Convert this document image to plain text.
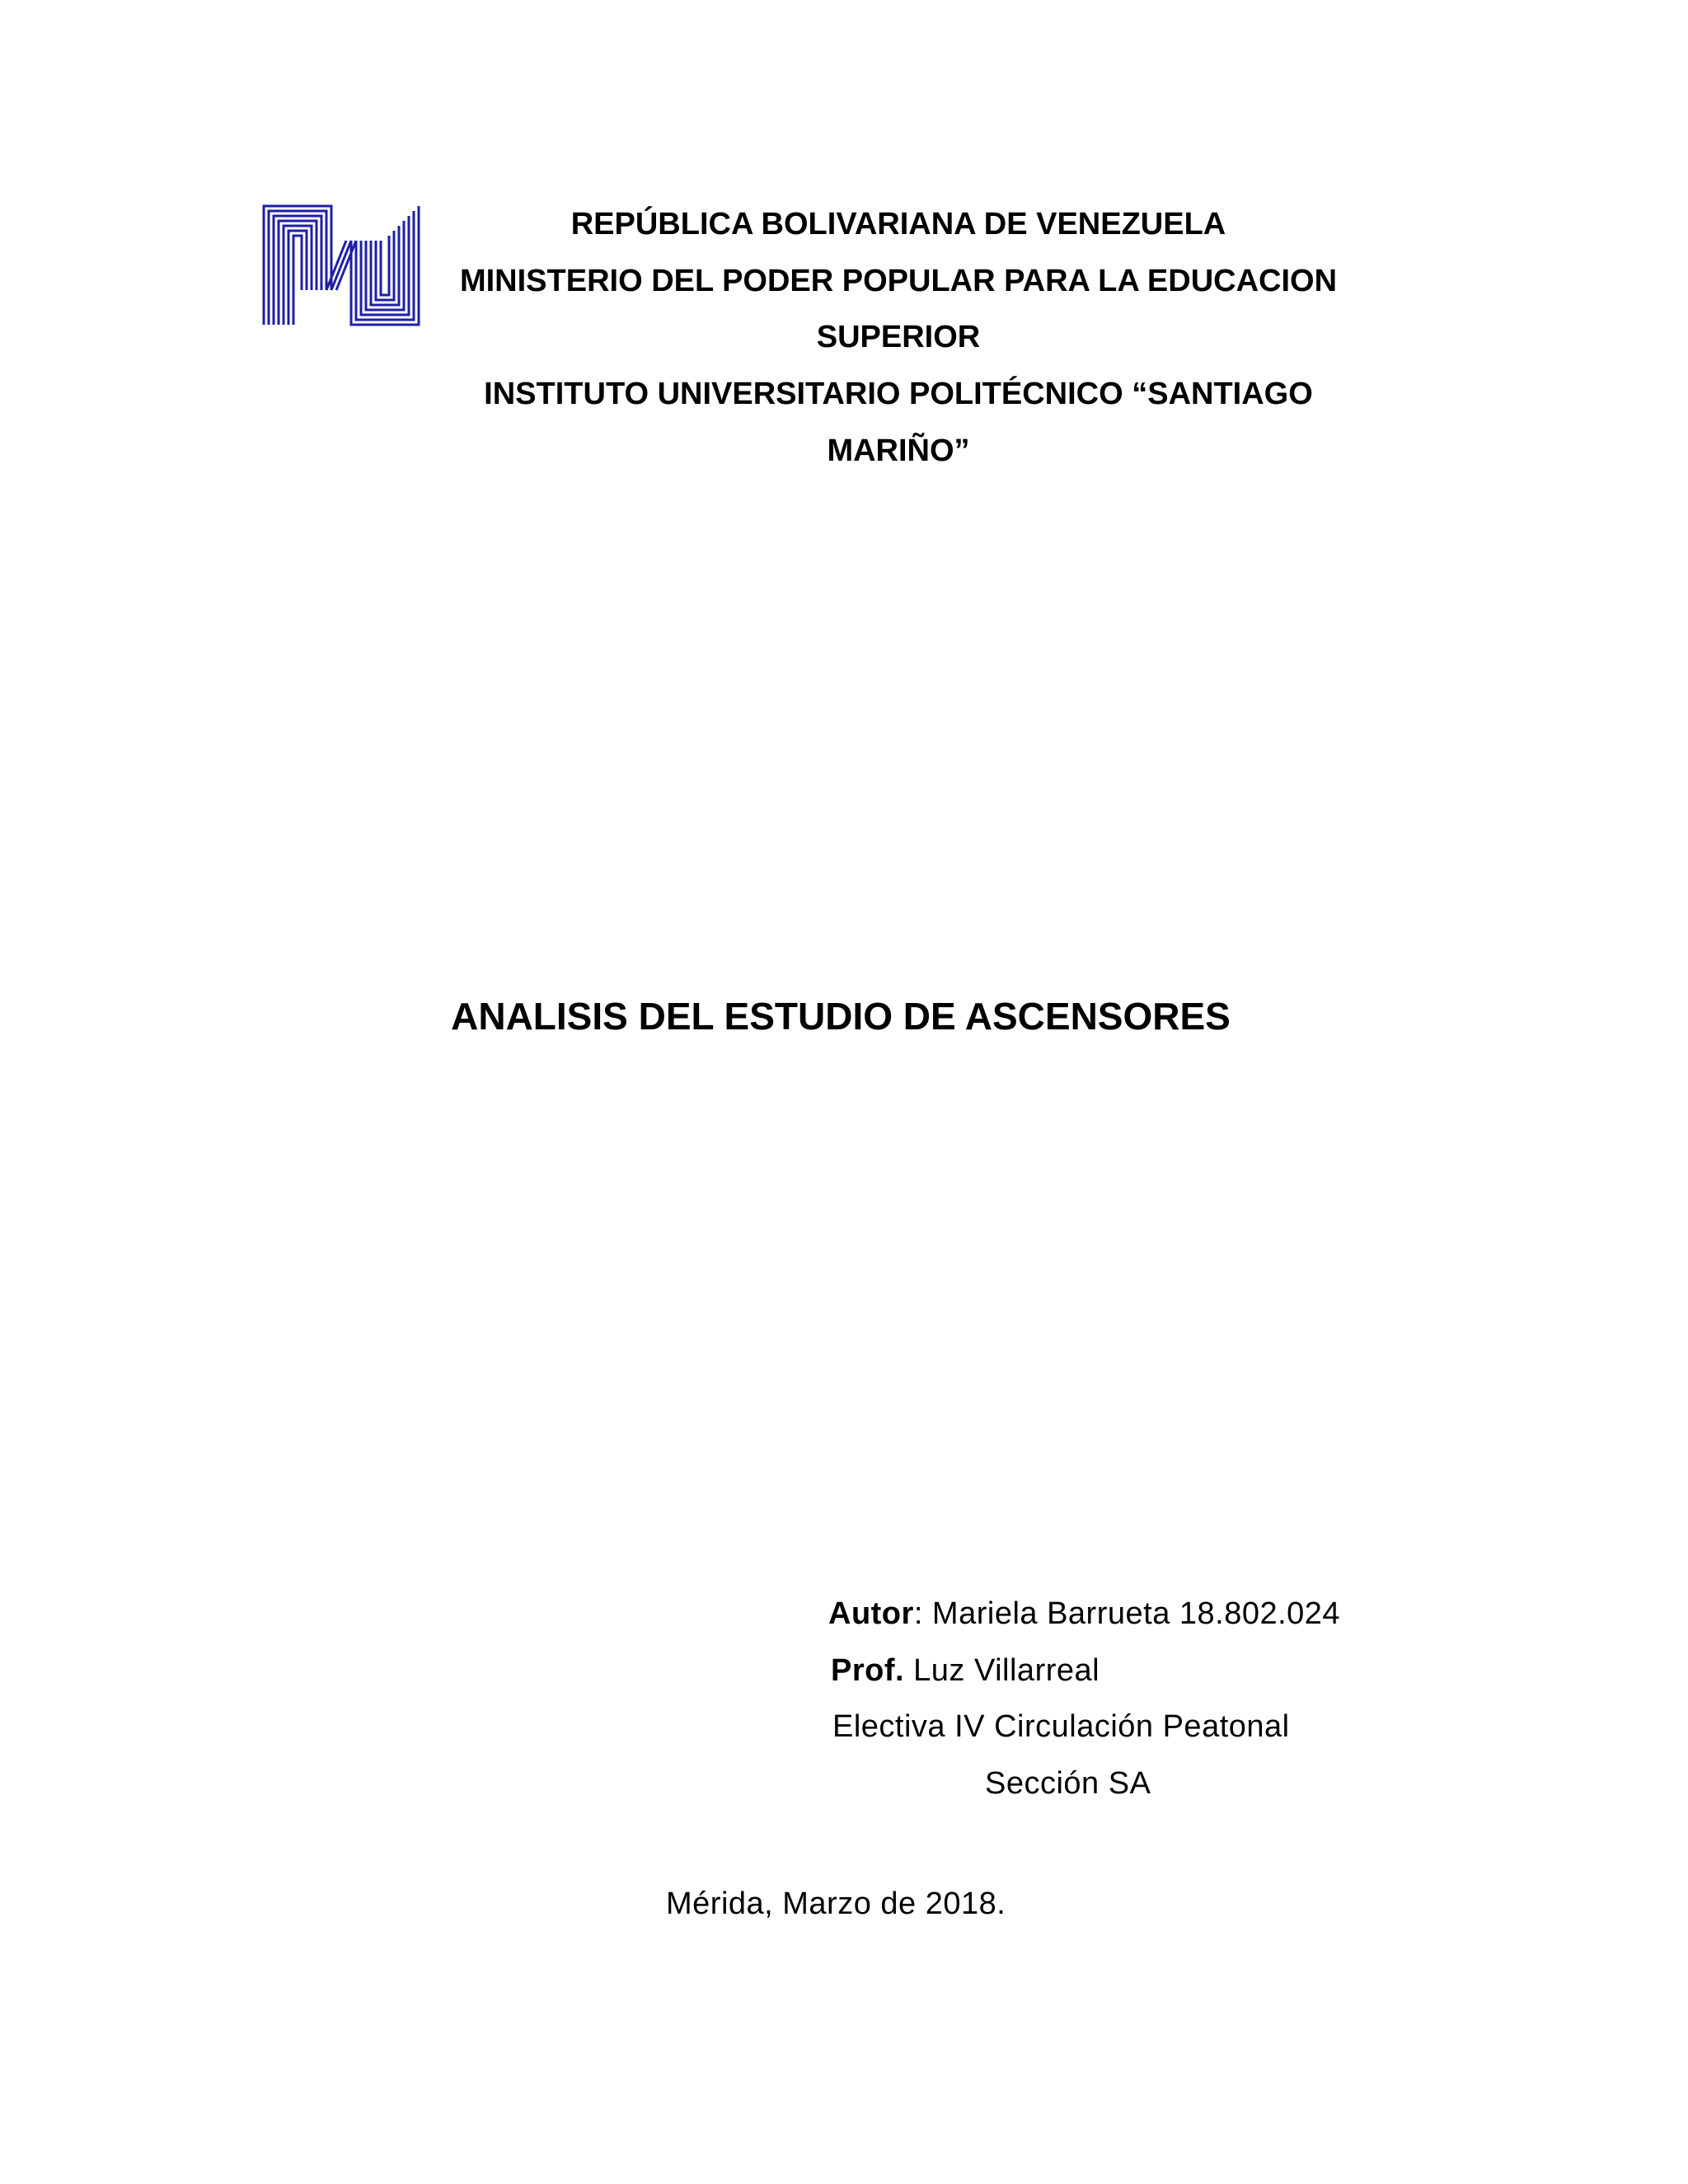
REPÚBLICA BOLIVARIANA DE VENEZUELA
MINISTERIO DEL PODER POPULAR PARA LA EDUCACION
SUPERIOR
INSTITUTO UNIVERSITARIO POLITÉCNICO “SANTIAGO
MARIÑO”
ANALISIS DEL ESTUDIO DE ASCENSORES
Autor: Mariela Barrueta 18.802.024
Prof. Luz Villarreal
Electiva IV Circulación Peatonal
Sección SA
Mérida, Marzo de 2018.
